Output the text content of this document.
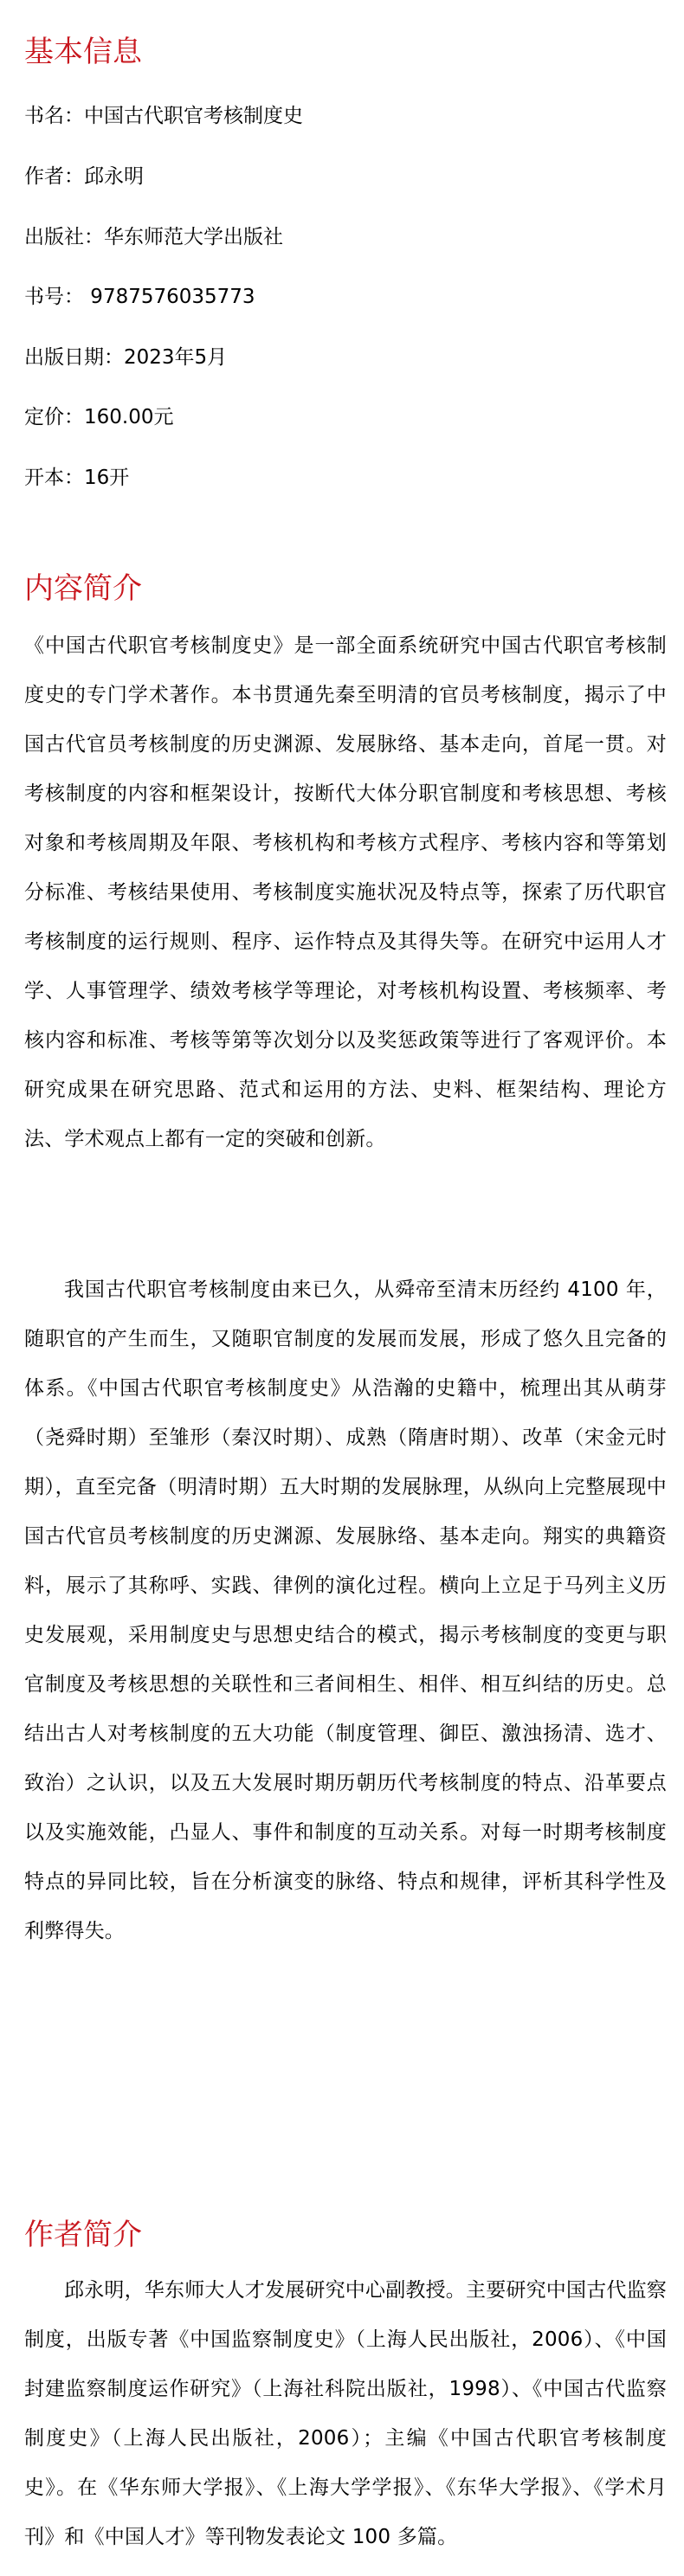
基本信息
书名：中国古代职官考核制度史
作者：邱永明
出版社：华东师范大学出版社
书号： 9787576035773
出版日期：2023年5月
定价：160.00元
开本：16开
内容简介

《中国古代职官考核制度史》是一部全面系统研究中国古代职官考核制度史的专门学术著作。本书贯通先秦至明清的官员考核制度，揭示了中国古代官员考核制度的历史渊源、发展脉络、基本走向，首尾一贯。对考核制度的内容和框架设计，按断代大体分职官制度和考核思想、考核对象和考核周期及年限、考核机构和考核方式程序、考核内容和等第划分标准、考核结果使用、考核制度实施状况及特点等，探索了历代职官考核制度的运行规则、程序、运作特点及其得失等。在研究中运用人才学、人事管理学、绩效考核学等理论，对考核机构设置、考核频率、考核内容和标准、考核等第等次划分以及奖惩政策等进行了客观评价。本研究成果在研究思路、范式和运用的方法、史料、框架结构、理论方法、学术观点上都有一定的突破和创新。

我国古代职官考核制度由来已久，从舜帝至清末历经约 4100 年，随职官的产生而生，又随职官制度的发展而发展，形成了悠久且完备的体系。《中国古代职官考核制度史》从浩瀚的史籍中，梳理出其从萌芽（尧舜时期）至雏形（秦汉时期）、成熟（隋唐时期）、改革（宋金元时期），直至完备（明清时期）五大时期的发展脉理，从纵向上完整展现中国古代官员考核制度的历史渊源、发展脉络、基本走向。翔实的典籍资料，展示了其称呼、实践、律例的演化过程。横向上立足于马列主义历史发展观，采用制度史与思想史结合的模式，揭示考核制度的变更与职官制度及考核思想的关联性和三者间相生、相伴、相互纠结的历史。总结出古人对考核制度的五大功能（制度管理、御臣、激浊扬清、选才、致治）之认识，以及五大发展时期历朝历代考核制度的特点、沿革要点以及实施效能，凸显人、事件和制度的互动关系。对每一时期考核制度特点的异同比较，旨在分析演变的脉络、特点和规律，评析其科学性及利弊得失。

作者简介

邱永明，华东师大人才发展研究中心副教授。主要研究中国古代监察制度，出版专著《中国监察制度史》（上海人民出版社，2006）、《中国封建监察制度运作研究》（上海社科院出版社，1998）、《中国古代监察制度史》（上海人民出版社，2006）；主编《中国古代职官考核制度史》。在《华东师大学报》、《上海大学学报》、《东华大学报》、《学术月刊》和《中国人才》等刊物发表论文 100 多篇。
